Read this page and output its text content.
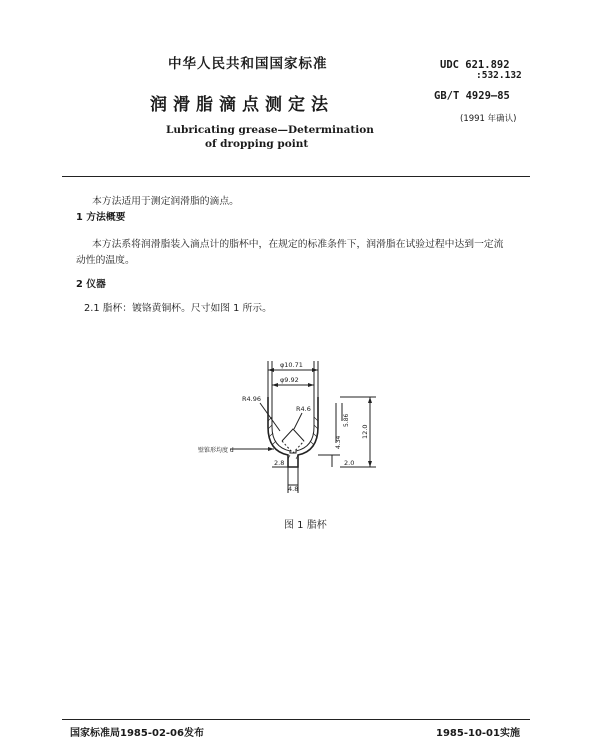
中华人民共和国国家标准	UDC 621.892
:532.132
润滑脂滴点测定法	GB/T 4929—85
(1991 年确认)
Lubricating grease—Determination
of dropping point
本方法适用于测定润滑脂的滴点。
1 方法概要
本方法系将润滑脂装入滴点计的脂杯中，在规定的标准条件下，润滑脂在试验过程中达到一定流
动性的温度。
2 仪器
2.1 脂杯：镀铬黄铜杯。尺寸如图 1 所示。
φ10.71
φ9.92
R4.96
R4.6
5.86
4.34
12.0
2.0
2.8
4.8
壁锥形均度 d
图 1 脂杯
国家标准局1985-02-06发布	1985-10-01实施
